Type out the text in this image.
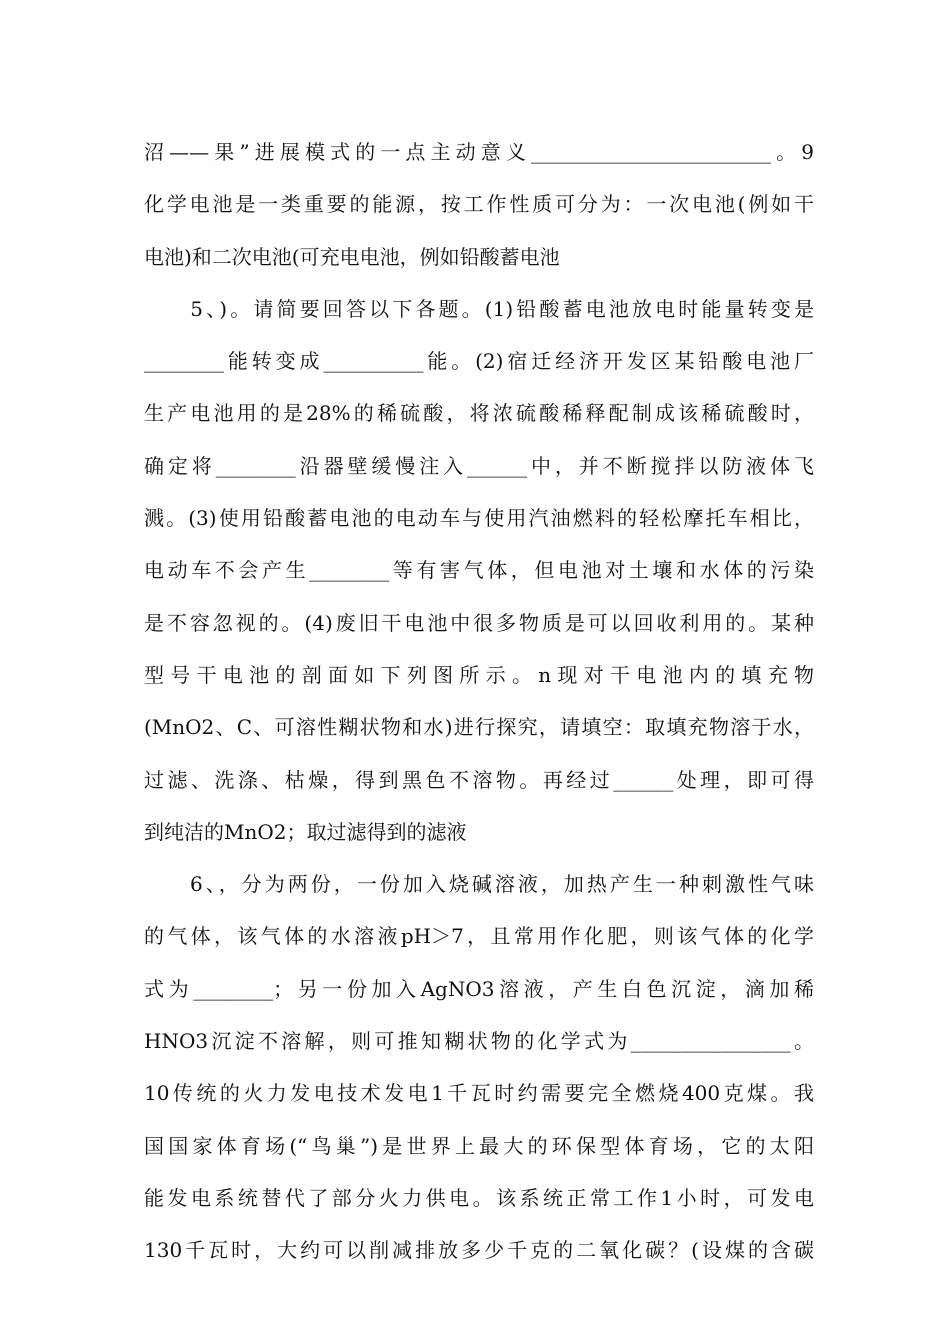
沼——果”进展模式的一点主动意义________________________。9
化学电池是一类重要的能源，按工作性质可分为：一次电池(例如干
电池)和二次电池(可充电电池，例如铅酸蓄电池
　　5、)。请简要回答以下各题。(1)铅酸蓄电池放电时能量转变是
________能转变成__________能。(2)宿迁经济开发区某铅酸电池厂
生产电池用的是28%的稀硫酸，将浓硫酸稀释配制成该稀硫酸时，
确定将________沿器壁缓慢注入______中，并不断搅拌以防液体飞
溅。(3)使用铅酸蓄电池的电动车与使用汽油燃料的轻松摩托车相比，
电动车不会产生________等有害气体，但电池对土壤和水体的污染
是不容忽视的。(4)废旧干电池中很多物质是可以回收利用的。某种
型号干电池的剖面如下列图所示。n现对干电池内的填充物
(MnO2、C、可溶性糊状物和水)进行探究，请填空：取填充物溶于水，
过滤、洗涤、枯燥，得到黑色不溶物。再经过______处理，即可得
到纯洁的MnO2；取过滤得到的滤液
　　6、，分为两份，一份加入烧碱溶液，加热产生一种刺激性气味
的气体，该气体的水溶液pH＞7，且常用作化肥，则该气体的化学
式为________；另一份加入AgNO3溶液，产生白色沉淀，滴加稀
HNO3沉淀不溶解，则可推知糊状物的化学式为________________。
10传统的火力发电技术发电1千瓦时约需要完全燃烧400克煤。我
国国家体育场(“鸟巢”)是世界上最大的环保型体育场，它的太阳
能发电系统替代了部分火力供电。该系统正常工作1小时，可发电
130千瓦时，大约可以削减排放多少千克的二氧化碳？(设煤的含碳
